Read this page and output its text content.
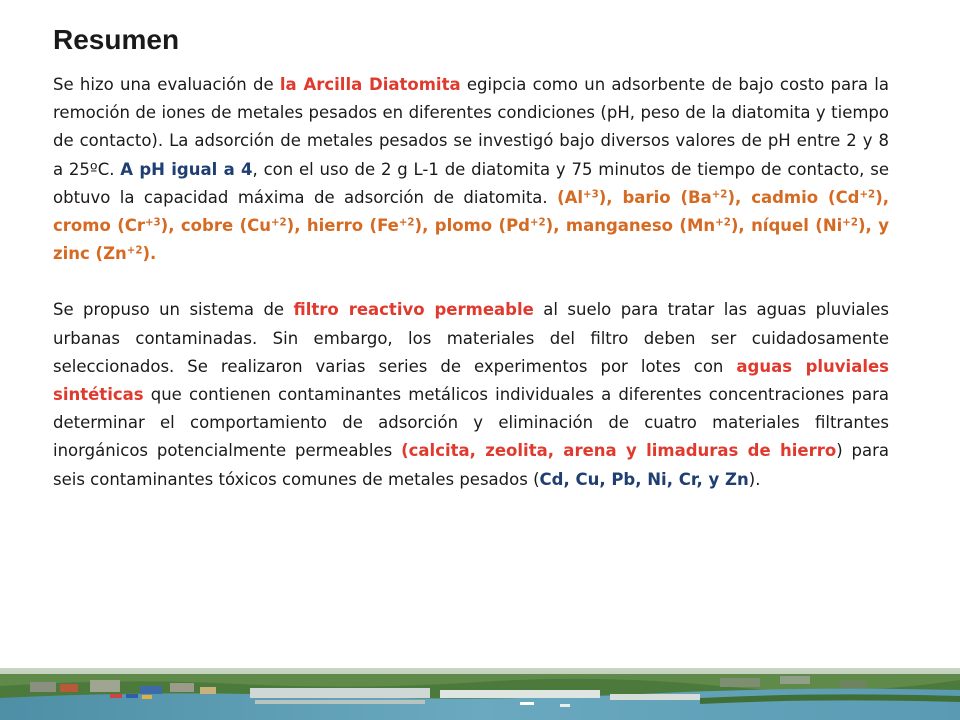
Resumen

Se hizo una evaluación de la Arcilla Diatomita egipcia como un adsorbente de bajo costo para la remoción de iones de metales pesados en diferentes condiciones (pH, peso de la diatomita y tiempo de contacto). La adsorción de metales pesados se investigó bajo diversos valores de pH entre 2 y 8 a 25ºC. A pH igual a 4, con el uso de 2 g L-1 de diatomita y 75 minutos de tiempo de contacto, se obtuvo la capacidad máxima de adsorción de diatomita. $(Al^{+3})$, bario $(Ba^{+2})$, cadmio $(Cd^{+2})$, cromo $(Cr^{+3})$, cobre $(Cu^{+2})$, hierro $(Fe^{+2})$, plomo $(Pd^{+2})$, manganeso $(Mn^{+2})$, níquel $(Ni^{+2})$, y zinc $(Zn^{+2})$.

Se propuso un sistema de filtro reactivo permeable al suelo para tratar las aguas pluviales urbanas contaminadas. Sin embargo, los materiales del filtro deben ser cuidadosamente seleccionados. Se realizaron varias series de experimentos por lotes con aguas pluviales sintéticas que contienen contaminantes metálicos individuales a diferentes concentraciones para determinar el comportamiento de adsorción y eliminación de cuatro materiales filtrantes inorgánicos potencialmente permeables (calcita, zeolita, arena y limaduras de hierro) para seis contaminantes tóxicos comunes de metales pesados (Cd, Cu, Pb, Ni, Cr, y Zn).
